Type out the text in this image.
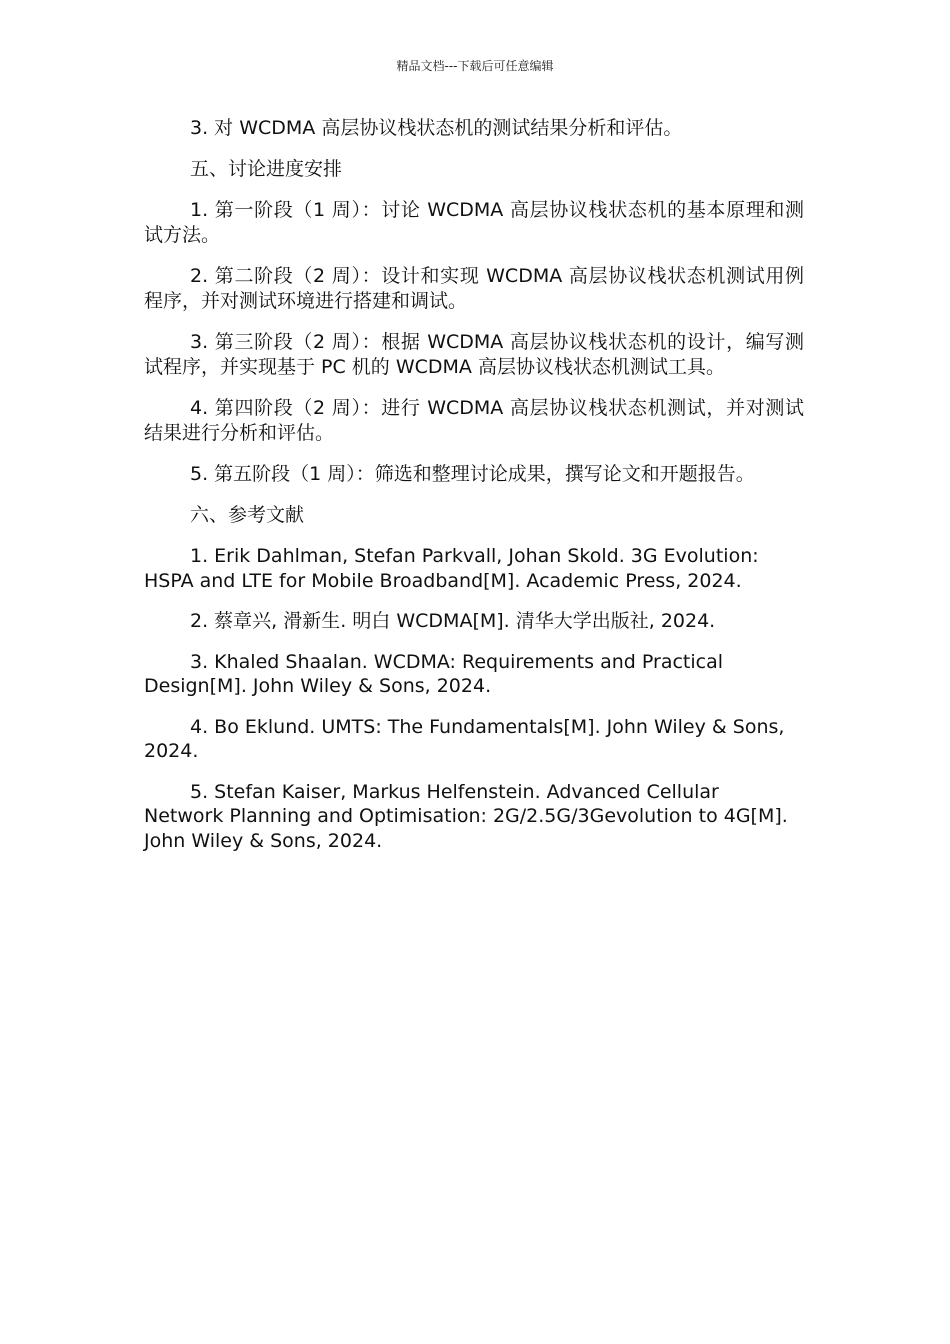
精品文档---下载后可任意编辑

3. 对 WCDMA 高层协议栈状态机的测试结果分析和评估。

五、讨论进度安排

1. 第一阶段（1 周）：讨论 WCDMA 高层协议栈状态机的基本原理和测试方法。

2. 第二阶段（2 周）：设计和实现 WCDMA 高层协议栈状态机测试用例程序，并对测试环境进行搭建和调试。

3. 第三阶段（2 周）：根据 WCDMA 高层协议栈状态机的设计，编写测试程序，并实现基于 PC 机的 WCDMA 高层协议栈状态机测试工具。

4. 第四阶段（2 周）：进行 WCDMA 高层协议栈状态机测试，并对测试结果进行分析和评估。

5. 第五阶段（1 周）：筛选和整理讨论成果，撰写论文和开题报告。

六、参考文献

1. Erik Dahlman, Stefan Parkvall, Johan Skold. 3G Evolution: HSPA and LTE for Mobile Broadband[M]. Academic Press, 2024.

2. 蔡章兴, 滑新生. 明白 WCDMA[M]. 清华大学出版社, 2024.

3. Khaled Shaalan. WCDMA: Requirements and Practical Design[M]. John Wiley & Sons, 2024.

4. Bo Eklund. UMTS: The Fundamentals[M]. John Wiley & Sons, 2024.

5. Stefan Kaiser, Markus Helfenstein. Advanced Cellular Network Planning and Optimisation: 2G/2.5G/3Gevolution to 4G[M]. John Wiley & Sons, 2024.
